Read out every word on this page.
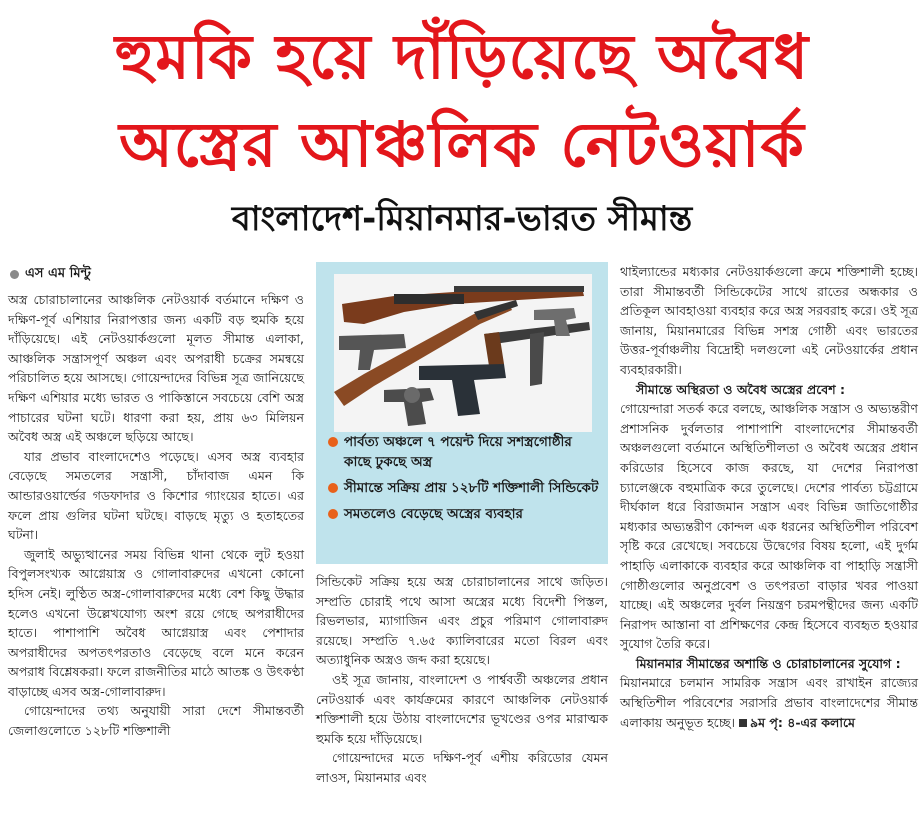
হুমকি হয়ে দাঁড়িয়েছে অবৈধ
অস্ত্রের আঞ্চলিক নেটওয়ার্ক
বাংলাদেশ-মিয়ানমার-ভারত সীমান্ত
এস এম মিন্টু

অস্ত্র চোরাচালানের আঞ্চলিক নেটওয়ার্ক বর্তমানে দক্ষিণ ও দক্ষিণ-পূর্ব এশিয়ার নিরাপত্তার জন্য একটি বড় হুমকি হয়ে দাঁড়িয়েছে। এই নেটওয়ার্কগুলো মূলত সীমান্ত এলাকা, আঞ্চলিক সন্ত্রাসপূর্ণ অঞ্চল এবং অপরাধী চক্রের সমন্বয়ে পরিচালিত হয়ে আসছে। গোয়েন্দাদের বিভিন্ন সূত্র জানিয়েছে দক্ষিণ এশিয়ার মধ্যে ভারত ও পাকিস্তানে সবচেয়ে বেশি অস্ত্র পাচারের ঘটনা ঘটে। ধারণা করা হয়, প্রায় ৬৩ মিলিয়ন অবৈধ অস্ত্র এই অঞ্চলে ছড়িয়ে আছে।

যার প্রভাব বাংলাদেশেও পড়েছে। এসব অস্ত্র ব্যবহার বেড়েছে সমতলের সন্ত্রাসী, চাঁদাবাজ এমন কি আন্ডারওয়ার্ল্ডের গডফাদার ও কিশোর গ্যাংয়ের হাতে। এর ফলে প্রায় গুলির ঘটনা ঘটছে। বাড়ছে মৃত্যু ও হতাহতের ঘটনা।

জুলাই অভ্যুত্থানের সময় বিভিন্ন থানা থেকে লুট হওয়া বিপুলসংখ্যক আগ্নেয়াস্ত্র ও গোলাবারুদের এখনো কোনো হদিস নেই। লুণ্ঠিত অস্ত্র-গোলাবারুদের মধ্যে বেশ কিছু উদ্ধার হলেও এখনো উল্লেখযোগ্য অংশ রয়ে গেছে অপরাধীদের হাতে। পাশাপাশি অবৈধ আগ্নেয়াস্ত্র এবং পেশাদার অপরাধীদের অপতৎপরতাও বেড়েছে বলে মনে করেন অপরাধ বিশ্লেষকরা। ফলে রাজনীতির মাঠে আতঙ্ক ও উৎকণ্ঠা বাড়াচ্ছে এসব অস্ত্র-গোলাবারুদ।

গোয়েন্দাদের তথ্য অনুযায়ী সারা দেশে সীমান্তবর্তী জেলাগুলোতে ১২৮টি শক্তিশালী

পার্বত্য অঞ্চলে ৭ পয়েন্ট দিয়ে সশস্ত্রগোষ্ঠীর কাছে ঢুকছে অস্ত্র
সীমান্তে সক্রিয় প্রায় ১২৮টি শক্তিশালী সিন্ডিকেট
সমতলেও বেড়েছে অস্ত্রের ব্যবহার

সিন্ডিকেট সক্রিয় হয়ে অস্ত্র চোরাচালানের সাথে জড়িত। সম্প্রতি চোরাই পথে আসা অস্ত্রের মধ্যে বিদেশী পিস্তল, রিভলভার, ম্যাগাজিন এবং প্রচুর পরিমাণ গোলাবারুদ রয়েছে। সম্প্রতি ৭.৬৫ ক্যালিবারের মতো বিরল এবং অত্যাধুনিক অস্ত্রও জব্দ করা হয়েছে।

ওই সূত্র জানায়, বাংলাদেশ ও পার্শ্ববর্তী অঞ্চলের প্রধান নেটওয়ার্ক এবং কার্যক্রমের কারণে আঞ্চলিক নেটওয়ার্ক শক্তিশালী হয়ে উঠায় বাংলাদেশের ভূখণ্ডের ওপর মারাত্মক হুমকি হয়ে দাঁড়িয়েছে।

গোয়েন্দাদের মতে দক্ষিণ-পূর্ব এশীয় করিডোর যেমন লাওস, মিয়ানমার এবং

থাইল্যান্ডের মধ্যকার নেটওয়ার্কগুলো ক্রমে শক্তিশালী হচ্ছে। তারা সীমান্তবর্তী সিন্ডিকেটের সাথে রাতের অন্ধকার ও প্রতিকূল আবহাওয়া ব্যবহার করে অস্ত্র সরবরাহ করে। ওই সূত্র জানায়, মিয়ানমারের বিভিন্ন সশস্ত্র গোষ্ঠী এবং ভারতের উত্তর-পূর্বাঞ্চলীয় বিদ্রোহী দলগুলো এই নেটওয়ার্কের প্রধান ব্যবহারকারী।

সীমান্তে অস্থিরতা ও অবৈধ অস্ত্রের প্রবেশ :

গোয়েন্দারা সতর্ক করে বলছে, আঞ্চলিক সন্ত্রাস ও অভ্যন্তরীণ প্রশাসনিক দুর্বলতার পাশাপাশি বাংলাদেশের সীমান্তবর্তী অঞ্চলগুলো বর্তমানে অস্থিতিশীলতা ও অবৈধ অস্ত্রের প্রধান করিডোর হিসেবে কাজ করছে, যা দেশের নিরাপত্তা চ্যালেঞ্জকে বহুমাত্রিক করে তুলেছে। দেশের পার্বত্য চট্টগ্রামে দীর্ঘকাল ধরে বিরাজমান সন্ত্রাস এবং বিভিন্ন জাতিগোষ্ঠীর মধ্যকার অভ্যন্তরীণ কোন্দল এক ধরনের অস্থিতিশীল পরিবেশ সৃষ্টি করে রেখেছে। সবচেয়ে উদ্বেগের বিষয় হলো, এই দুর্গম পাহাড়ি এলাকাকে ব্যবহার করে আঞ্চলিক বা পাহাড়ি সন্ত্রাসী গোষ্ঠীগুলোর অনুপ্রবেশ ও তৎপরতা বাড়ার খবর পাওয়া যাচ্ছে। এই অঞ্চলের দুর্বল নিয়ন্ত্রণ চরমপন্থীদের জন্য একটি নিরাপদ আস্তানা বা প্রশিক্ষণের কেন্দ্র হিসেবে ব্যবহৃত হওয়ার সুযোগ তৈরি করে।

মিয়ানমার সীমান্তের অশান্তি ও চোরাচালানের সুযোগ :

মিয়ানমারে চলমান সামরিক সন্ত্রাস এবং রাখাইন রাজ্যের অস্থিতিশীল পরিবেশের সরাসরি প্রভাব বাংলাদেশের সীমান্ত এলাকায় অনুভূত হচ্ছে। ৯ম পৃ: ৪-এর কলামে
